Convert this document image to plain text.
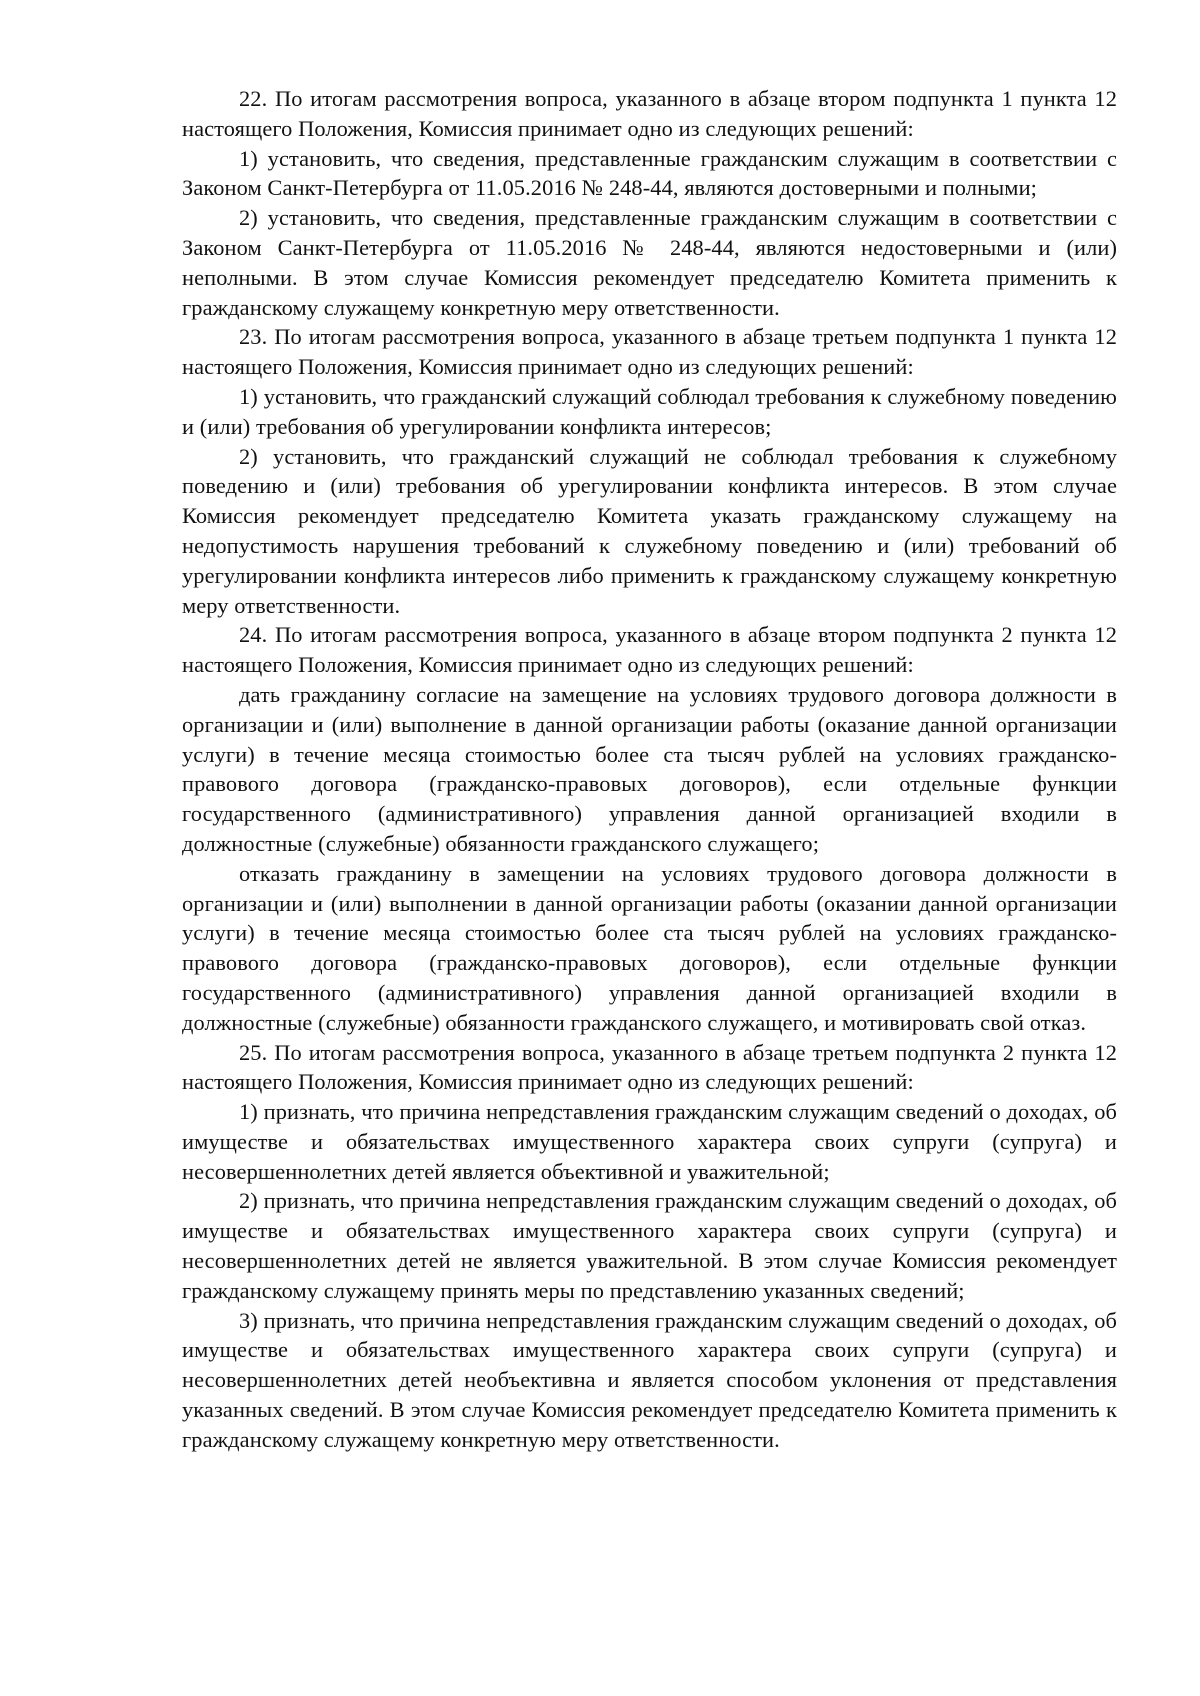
22. По итогам рассмотрения вопроса, указанного в абзаце втором подпункта 1 пункта 12 настоящего Положения, Комиссия принимает одно из следующих решений:

1) установить, что сведения, представленные гражданским служащим в соответствии с Законом Санкт-Петербурга от 11.05.2016 № 248-44, являются достоверными и полными;

2) установить, что сведения, представленные гражданским служащим в соответствии с Законом Санкт-Петербурга от 11.05.2016 № 248-44, являются недостоверными и (или) неполными. В этом случае Комиссия рекомендует председателю Комитета применить к гражданскому служащему конкретную меру ответственности.

23. По итогам рассмотрения вопроса, указанного в абзаце третьем подпункта 1 пункта 12 настоящего Положения, Комиссия принимает одно из следующих решений:

1) установить, что гражданский служащий соблюдал требования к служебному поведению и (или) требования об урегулировании конфликта интересов;

2) установить, что гражданский служащий не соблюдал требования к служебному поведению и (или) требования об урегулировании конфликта интересов. В этом случае Комиссия рекомендует председателю Комитета указать гражданскому служащему на недопустимость нарушения требований к служебному поведению и (или) требований об урегулировании конфликта интересов либо применить к гражданскому служащему конкретную меру ответственности.

24. По итогам рассмотрения вопроса, указанного в абзаце втором подпункта 2 пункта 12 настоящего Положения, Комиссия принимает одно из следующих решений:

дать гражданину согласие на замещение на условиях трудового договора должности в организации и (или) выполнение в данной организации работы (оказание данной организации услуги) в течение месяца стоимостью более ста тысяч рублей на условиях гражданско-правового договора (гражданско-правовых договоров), если отдельные функции государственного (административного) управления данной организацией входили в должностные (служебные) обязанности гражданского служащего;

отказать гражданину в замещении на условиях трудового договора должности в организации и (или) выполнении в данной организации работы (оказании данной организации услуги) в течение месяца стоимостью более ста тысяч рублей на условиях гражданско-правового договора (гражданско-правовых договоров), если отдельные функции государственного (административного) управления данной организацией входили в должностные (служебные) обязанности гражданского служащего, и мотивировать свой отказ.

25. По итогам рассмотрения вопроса, указанного в абзаце третьем подпункта 2 пункта 12 настоящего Положения, Комиссия принимает одно из следующих решений:

1) признать, что причина непредставления гражданским служащим сведений о доходах, об имуществе и обязательствах имущественного характера своих супруги (супруга) и несовершеннолетних детей является объективной и уважительной;

2) признать, что причина непредставления гражданским служащим сведений о доходах, об имуществе и обязательствах имущественного характера своих супруги (супруга) и несовершеннолетних детей не является уважительной. В этом случае Комиссия рекомендует гражданскому служащему принять меры по представлению указанных сведений;

3) признать, что причина непредставления гражданским служащим сведений о доходах, об имуществе и обязательствах имущественного характера своих супруги (супруга) и несовершеннолетних детей необъективна и является способом уклонения от представления указанных сведений. В этом случае Комиссия рекомендует председателю Комитета применить к гражданскому служащему конкретную меру ответственности.
